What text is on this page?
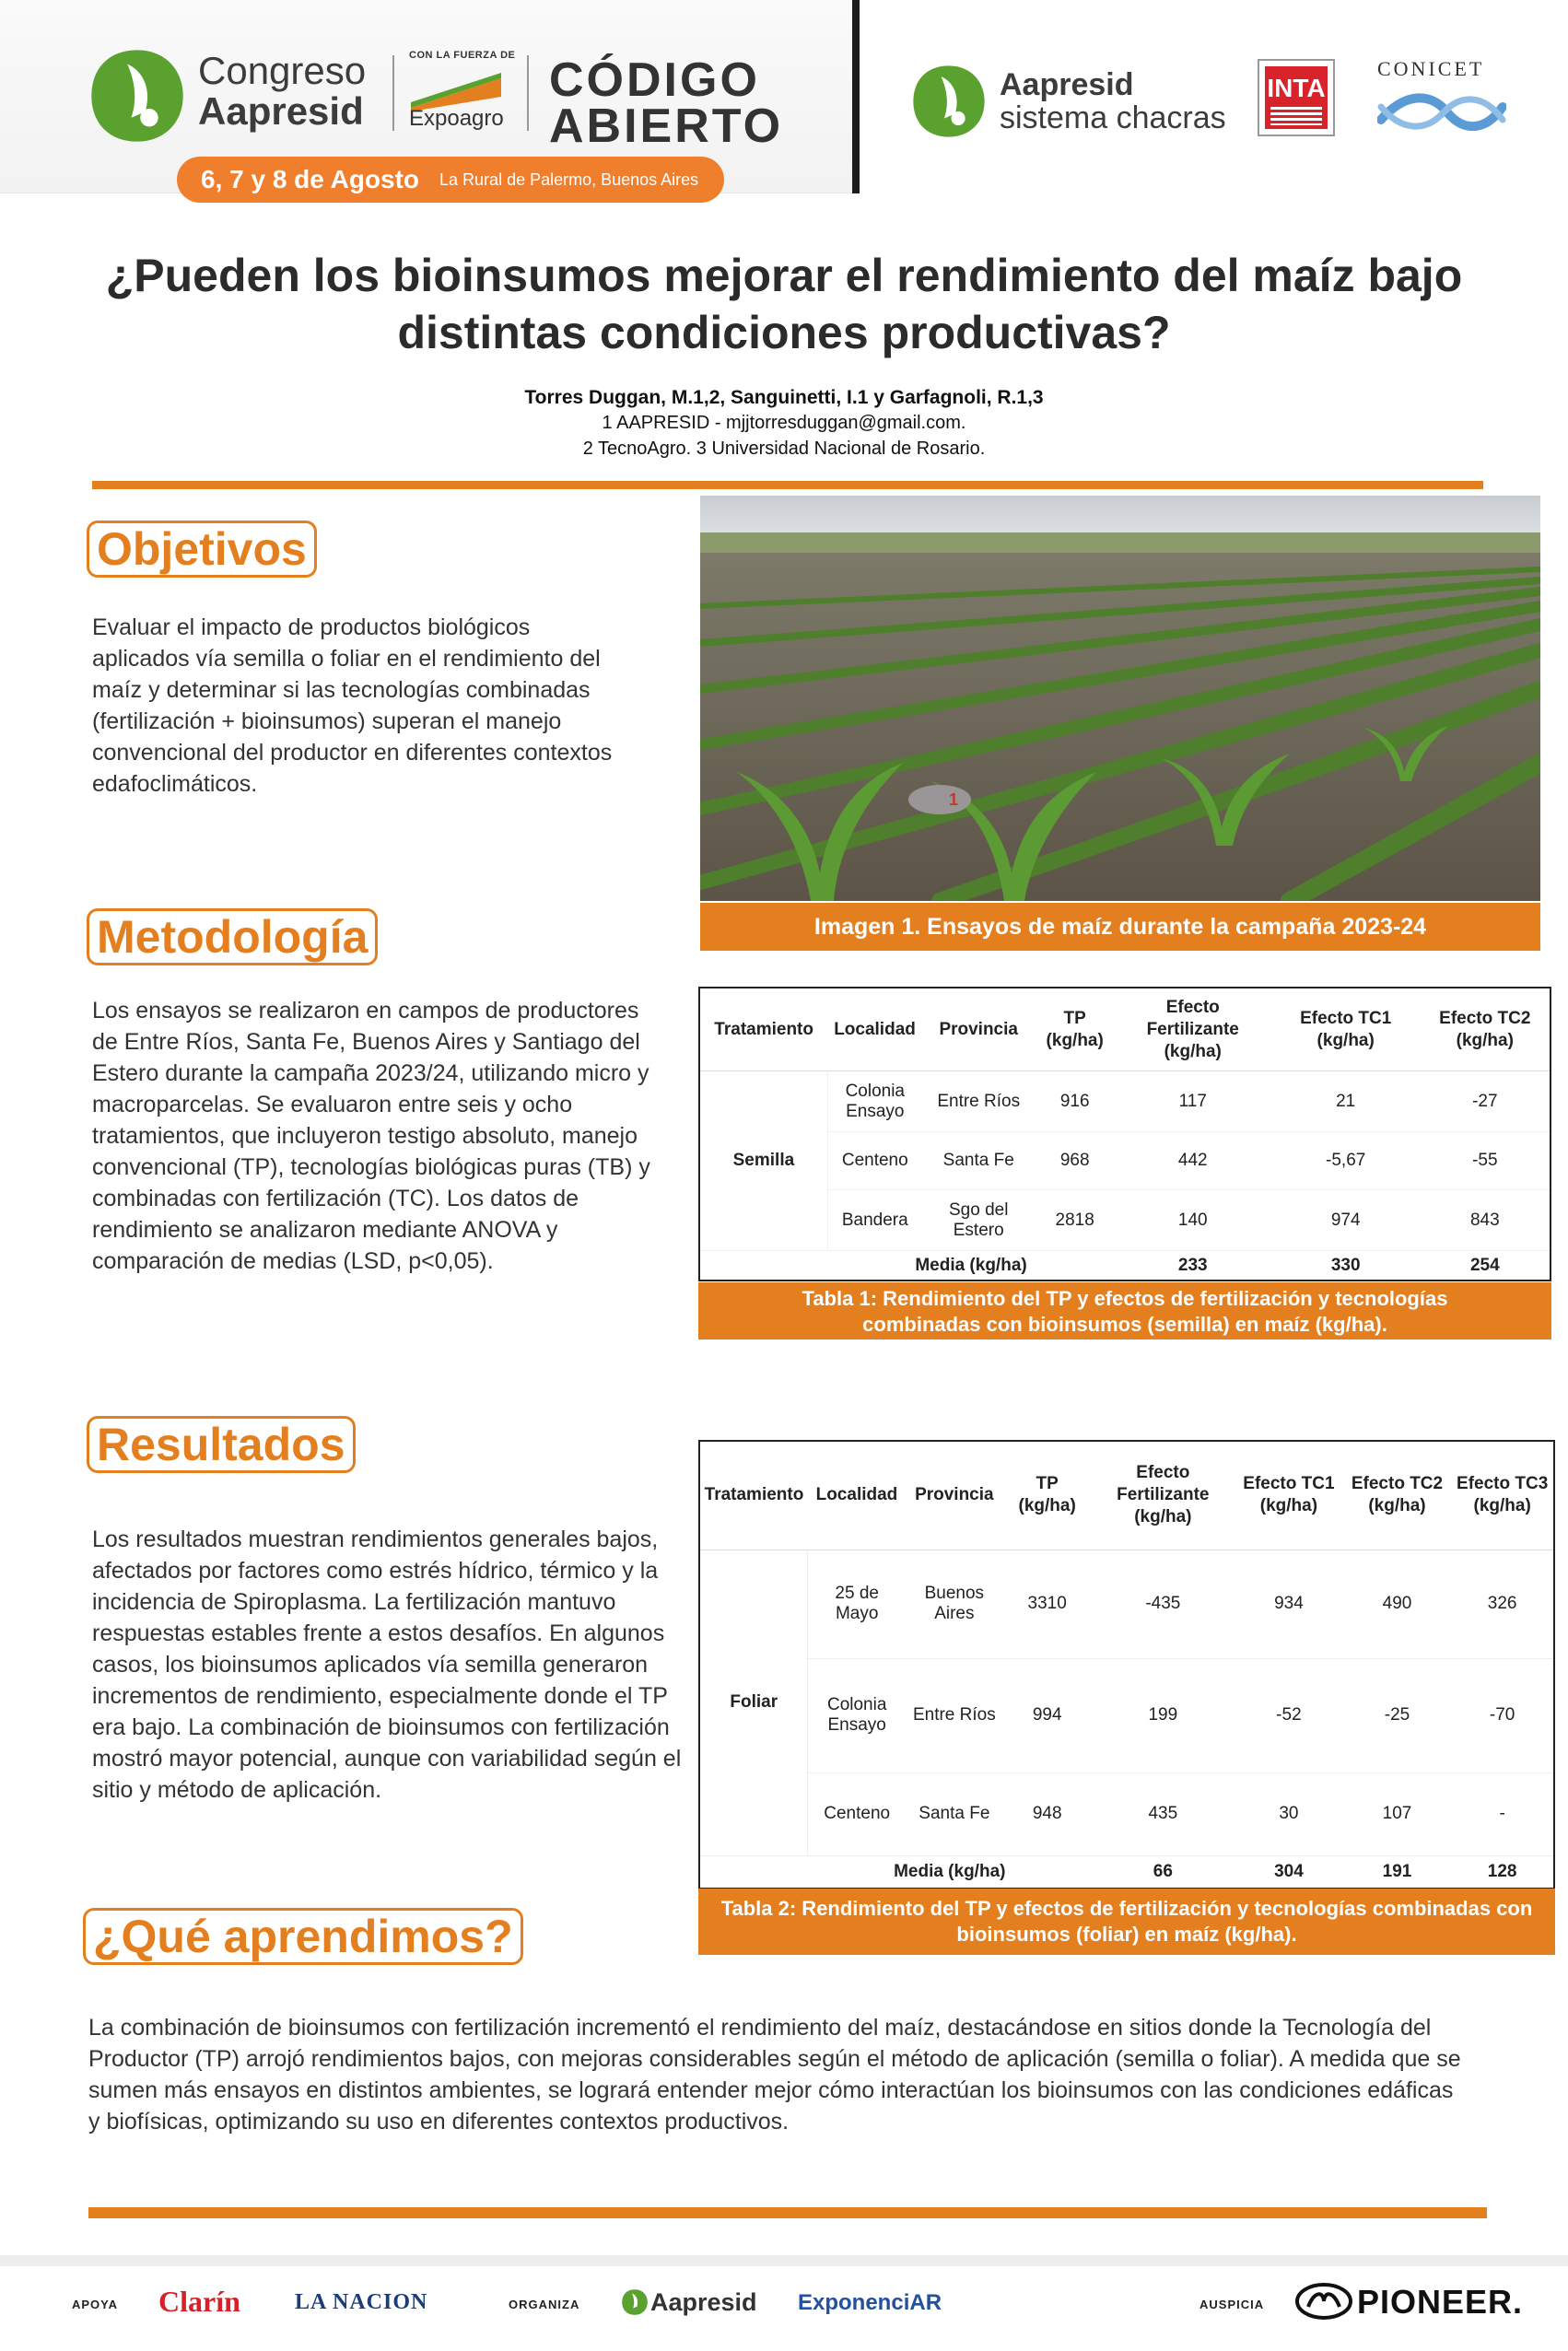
Congreso
Aapresid
CON LA FUERZA DE
Expoagro
CÓDIGO
ABIERTO
6, 7 y 8 de Agosto La Rural de Palermo, Buenos Aires
Aapresid
sistema chacras
INTA
CONICET
¿Pueden los bioinsumos mejorar el rendimiento del maíz bajo distintas condiciones productivas?
Torres Duggan, M.1,2, Sanguinetti, I.1 y Garfagnoli, R.1,3
1 AAPRESID - mjjtorresduggan@gmail.com.
2 TecnoAgro. 3 Universidad Nacional de Rosario.
Objetivos
Evaluar el impacto de productos biológicos aplicados vía semilla o foliar en el rendimiento del maíz y determinar si las tecnologías combinadas (fertilización + bioinsumos) superan el manejo convencional del productor en diferentes contextos edafoclimáticos.
1
Imagen 1. Ensayos de maíz durante la campaña 2023-24
Metodología
Los ensayos se realizaron en campos de productores de Entre Ríos, Santa Fe, Buenos Aires y Santiago del Estero durante la campaña 2023/24, utilizando micro y macroparcelas. Se evaluaron entre seis y ocho tratamientos, que incluyeron testigo absoluto, manejo convencional (TP), tecnologías biológicas puras (TB) y combinadas con fertilización (TC). Los datos de rendimiento se analizaron mediante ANOVA y comparación de medias (LSD, p<0,05).
Tratamiento	Localidad	Provincia	TP (kg/ha)	Efecto Fertilizante (kg/ha)	Efecto TC1 (kg/ha)	Efecto TC2 (kg/ha)
Semilla	Colonia Ensayo	Entre Ríos	916	117	21	-27
	Centeno	Santa Fe	968	442	-5,67	-55
	Bandera	Sgo del Estero	2818	140	974	843
	Media (kg/ha)			233	330	254
Tabla 1: Rendimiento del TP y efectos de fertilización y tecnologías combinadas con bioinsumos (semilla) en maíz (kg/ha).
Resultados
Los resultados muestran rendimientos generales bajos, afectados por factores como estrés hídrico, térmico y la incidencia de Spiroplasma. La fertilización mantuvo respuestas estables frente a estos desafíos. En algunos casos, los bioinsumos aplicados vía semilla generaron incrementos de rendimiento, especialmente donde el TP era bajo. La combinación de bioinsumos con fertilización mostró mayor potencial, aunque con variabilidad según el sitio y método de aplicación.
Tratamiento	Localidad	Provincia	TP (kg/ha)	Efecto Fertilizante (kg/ha)	Efecto TC1 (kg/ha)	Efecto TC2 (kg/ha)	Efecto TC3 (kg/ha)
Foliar	25 de Mayo	Buenos Aires	3310	-435	934	490	326
	Colonia Ensayo	Entre Ríos	994	199	-52	-25	-70
	Centeno	Santa Fe	948	435	30	107	-
	Media (kg/ha)			66	304	191	128
Tabla 2: Rendimiento del TP y efectos de fertilización y tecnologías combinadas con bioinsumos (foliar) en maíz (kg/ha).
¿Qué aprendimos?
La combinación de bioinsumos con fertilización incrementó el rendimiento del maíz, destacándose en sitios donde la Tecnología del Productor (TP) arrojó rendimientos bajos, con mejoras considerables según el método de aplicación (semilla o foliar). A medida que se sumen más ensayos en distintos ambientes, se logrará entender mejor cómo interactúan los bioinsumos con las condiciones edáficas y biofísicas, optimizando su uso en diferentes contextos productivos.
APOYA Clarín LA NACION	ORGANIZA	Aapresid ExponenciAR	AUSPICIA	PIONEER.
